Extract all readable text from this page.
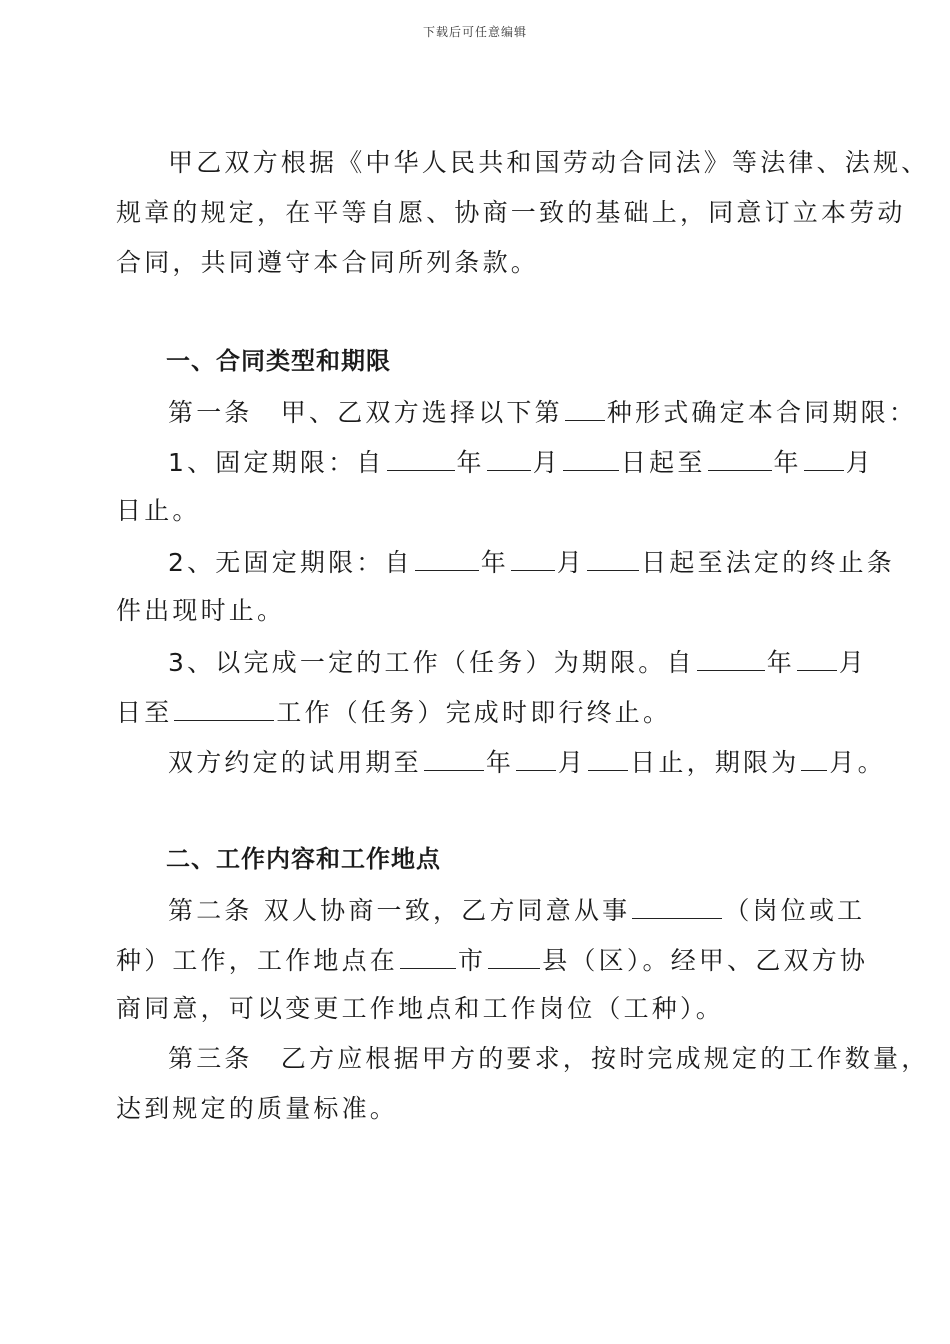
下载后可任意编辑
甲乙双方根据《中华人民共和国劳动合同法》等法律、法规、
规章的规定，在平等自愿、协商一致的基础上，同意订立本劳动
合同，共同遵守本合同所列条款。
一、合同类型和期限
第一条　甲、乙双方选择以下第 种形式确定本合同期限：
1、固定期限：自	年 月 日起至	年 月
日止。
2、无固定期限：自	年 月 日起至法定的终止条
件出现时止。
3、以完成一定的工作（任务）为期限。自	年 月
日至	工作（任务）完成时即行终止。
双方约定的试用期至	年 月 日止，期限为 月。
二、工作内容和工作地点
第二条 双人协商一致，乙方同意从事	（岗位或工
种）工作，工作地点在 市 县（区）。经甲、乙双方协
商同意，可以变更工作地点和工作岗位（工种）。
第三条　乙方应根据甲方的要求，按时完成规定的工作数量，
达到规定的质量标准。
